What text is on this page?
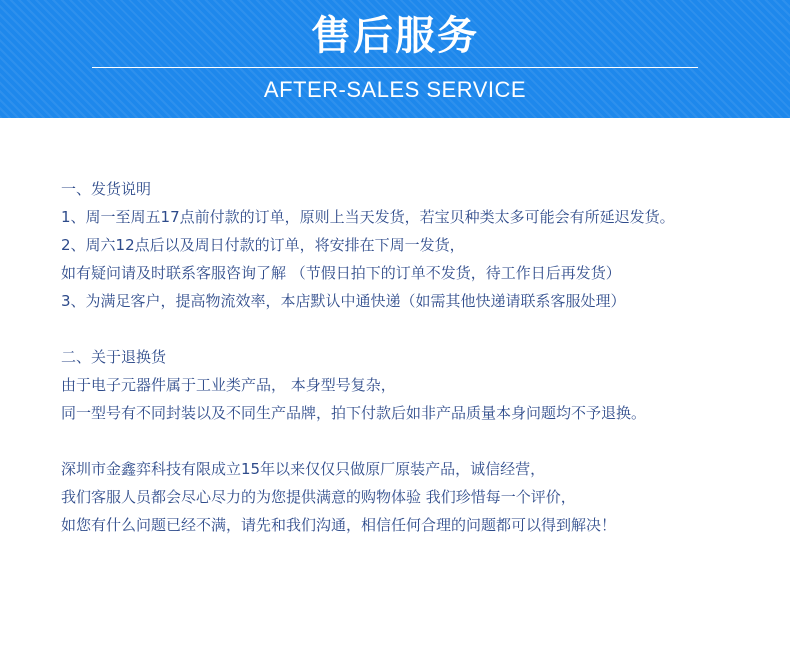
售后服务
AFTER-SALES SERVICE
一、发货说明
1、周一至周五17点前付款的订单，原则上当天发货，若宝贝种类太多可能会有所延迟发货。
2、周六12点后以及周日付款的订单，将安排在下周一发货，
如有疑问请及时联系客服咨询了解 （节假日拍下的订单不发货，待工作日后再发货）
3、为满足客户，提高物流效率，本店默认中通快递（如需其他快递请联系客服处理）
二、关于退换货
由于电子元器件属于工业类产品， 本身型号复杂，
同一型号有不同封装以及不同生产品牌，拍下付款后如非产品质量本身问题均不予退换。
深圳市金鑫弈科技有限成立15年以来仅仅只做原厂原装产品，诚信经营，
我们客服人员都会尽心尽力的为您提供满意的购物体验 我们珍惜每一个评价，
如您有什么问题已经不满，请先和我们沟通，相信任何合理的问题都可以得到解决！
